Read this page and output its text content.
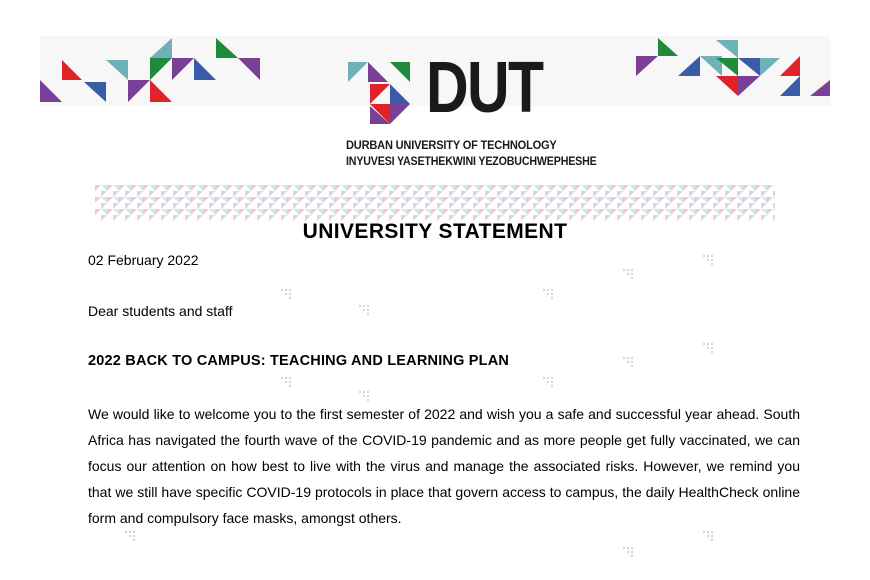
DUT
DURBAN UNIVERSITY OF TECHNOLOGY
INYUVESI YASETHEKWINI YEZOBUCHWEPHESHE
UNIVERSITY STATEMENT
02 February 2022
Dear students and staff
2022 BACK TO CAMPUS: TEACHING AND LEARNING PLAN
We would like to welcome you to the first semester of 2022 and wish you a safe and successful year ahead. South Africa has navigated the fourth wave of the COVID-19 pandemic and as more people get fully vaccinated, we can focus our attention on how best to live with the virus and manage the associated risks. However, we remind you that we still have specific COVID-19 protocols in place that govern access to campus, the daily HealthCheck online form and compulsory face masks, amongst others.
